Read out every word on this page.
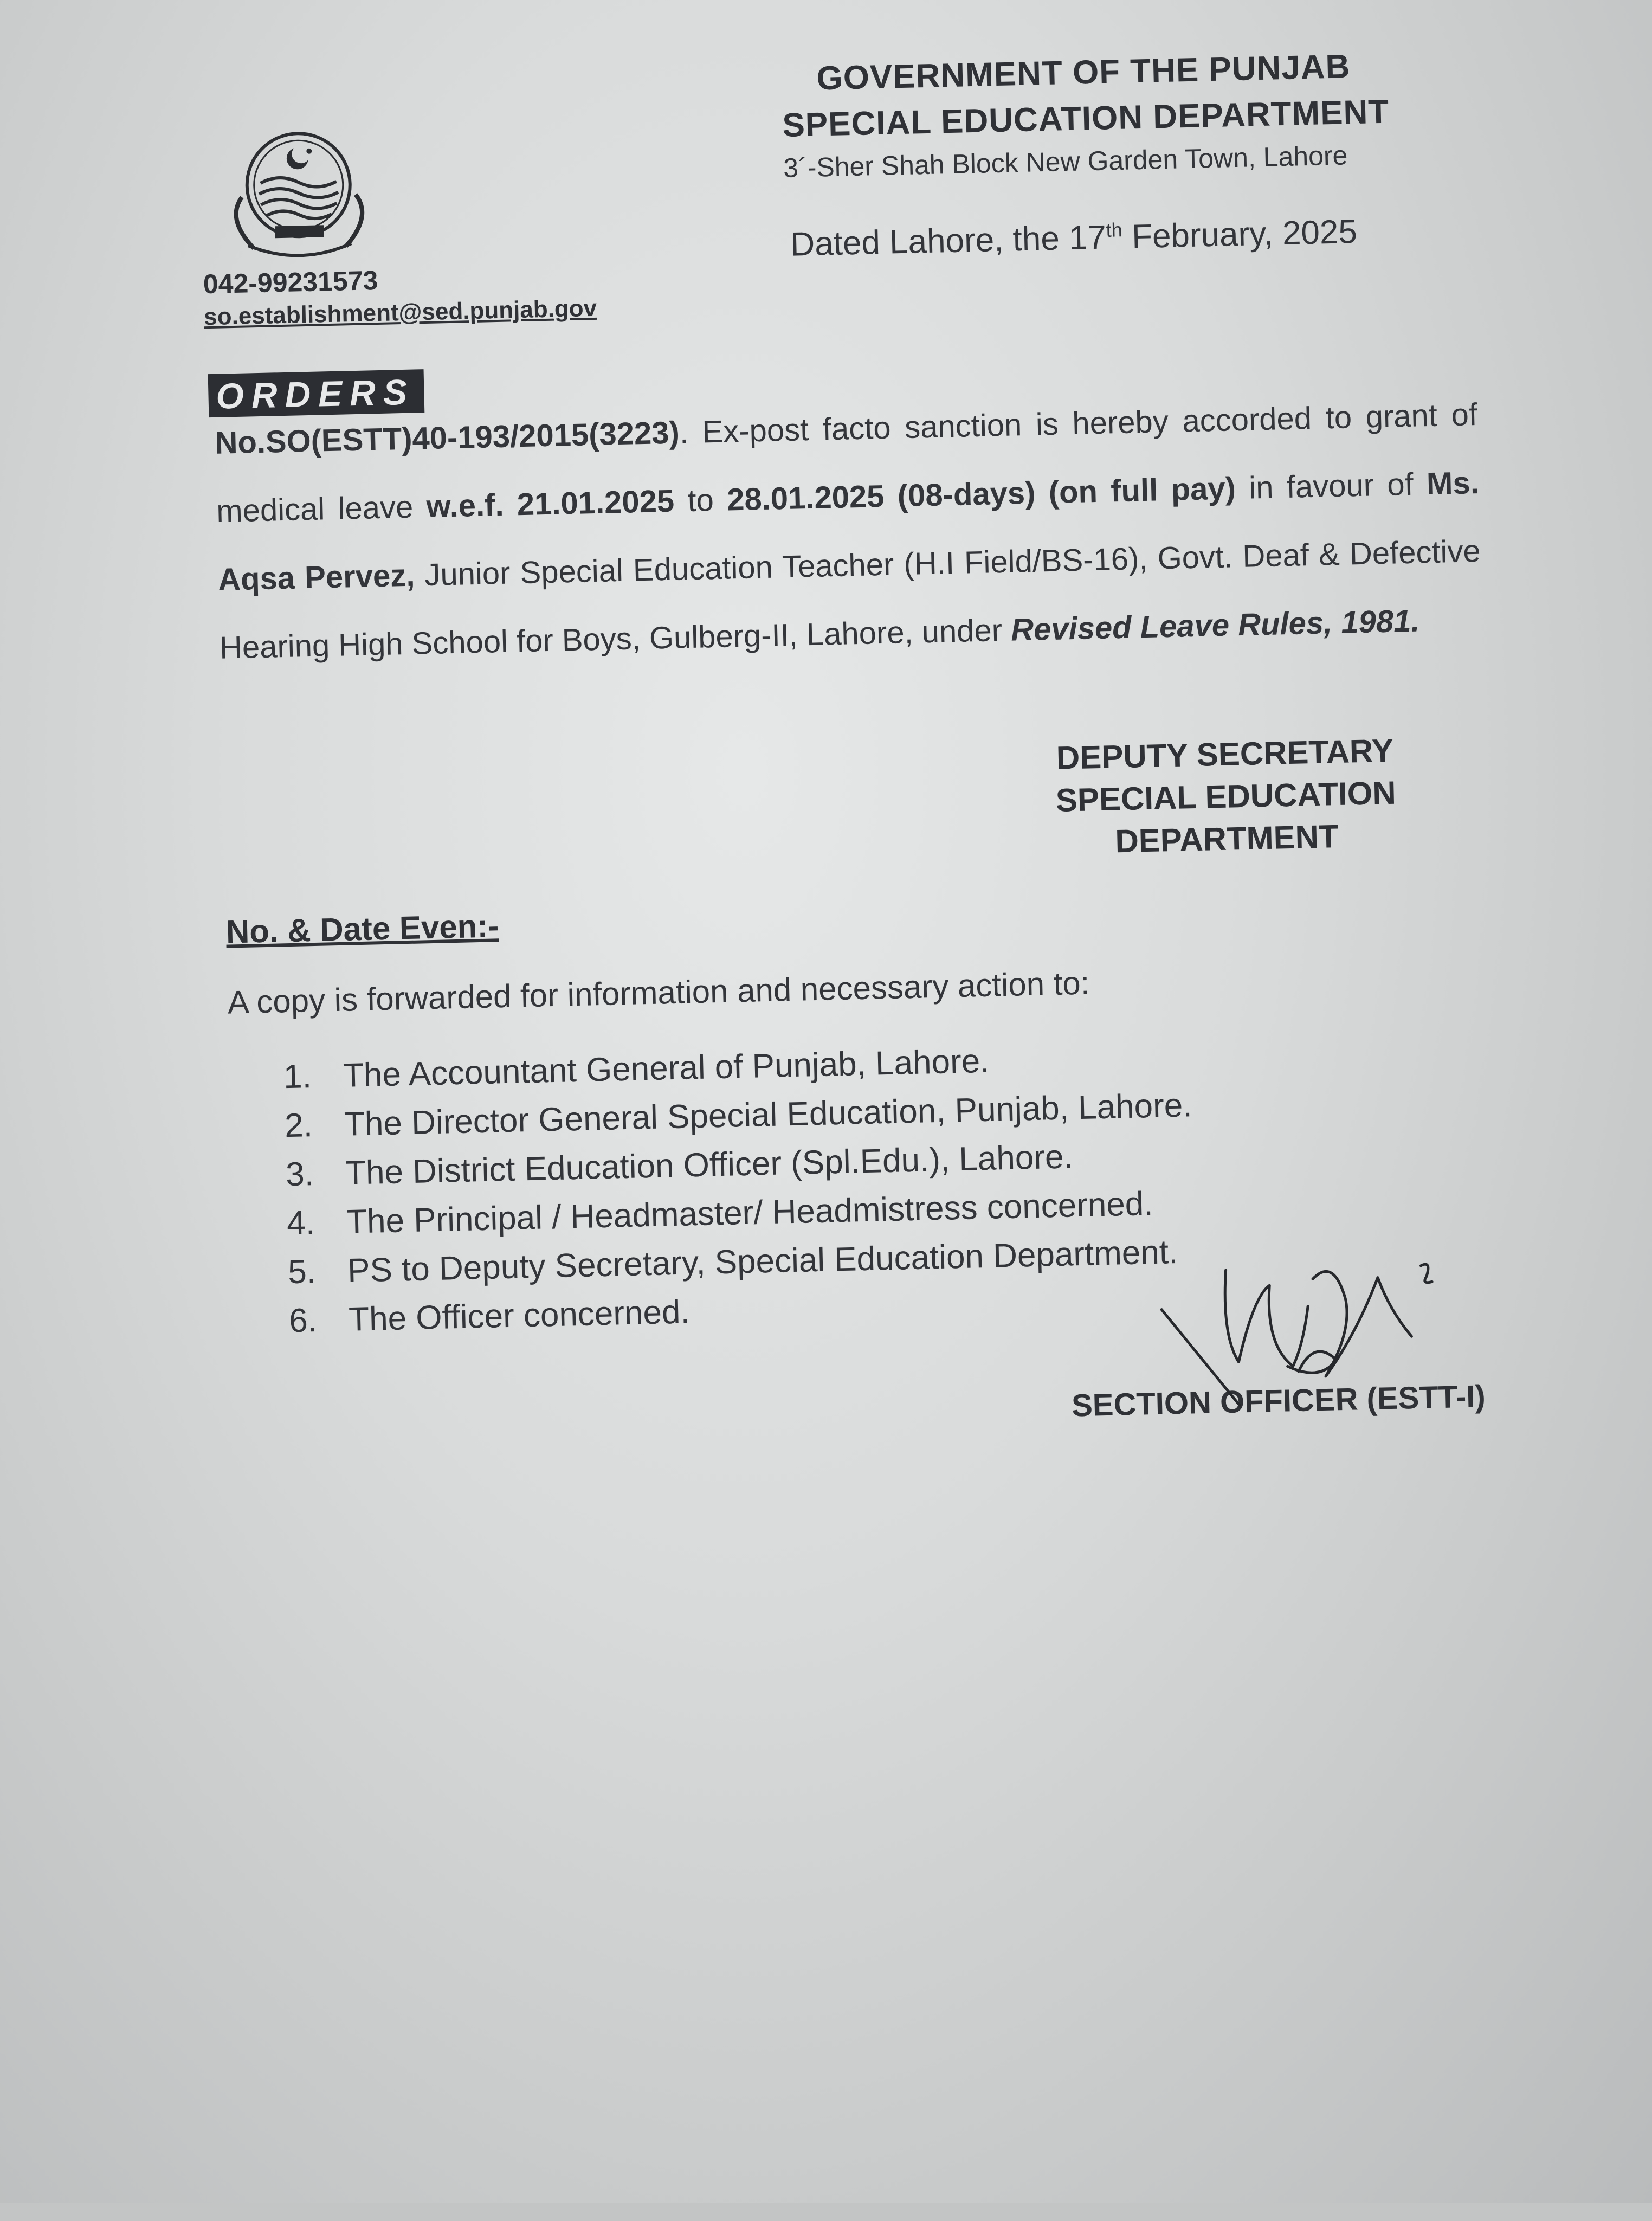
GOVERNMENT OF THE PUNJAB
SPECIAL EDUCATION DEPARTMENT
3´-Sher Shah Block New Garden Town, Lahore
Dated Lahore, the 17th February, 2025
042-99231573
so.establishment@sed.punjab.gov
ORDERS
No.SO(ESTT)40-193/2015(3223). Ex-post facto sanction is hereby accorded to grant of medical leave w.e.f. 21.01.2025 to 28.01.2025 (08-days) (on full pay) in favour of Ms. Aqsa Pervez, Junior Special Education Teacher (H.I Field/BS-16), Govt. Deaf & Defective Hearing High School for Boys, Gulberg-II, Lahore, under Revised Leave Rules, 1981.
DEPUTY SECRETARY
SPECIAL EDUCATION
DEPARTMENT
No. & Date Even:-
A copy is forwarded for information and necessary action to:
1. The Accountant General of Punjab, Lahore.
2. The Director General Special Education, Punjab, Lahore.
3. The District Education Officer (Spl.Edu.), Lahore.
4. The Principal / Headmaster/ Headmistress concerned.
5. PS to Deputy Secretary, Special Education Department.
6. The Officer concerned.
SECTION OFFICER (ESTT-I)
